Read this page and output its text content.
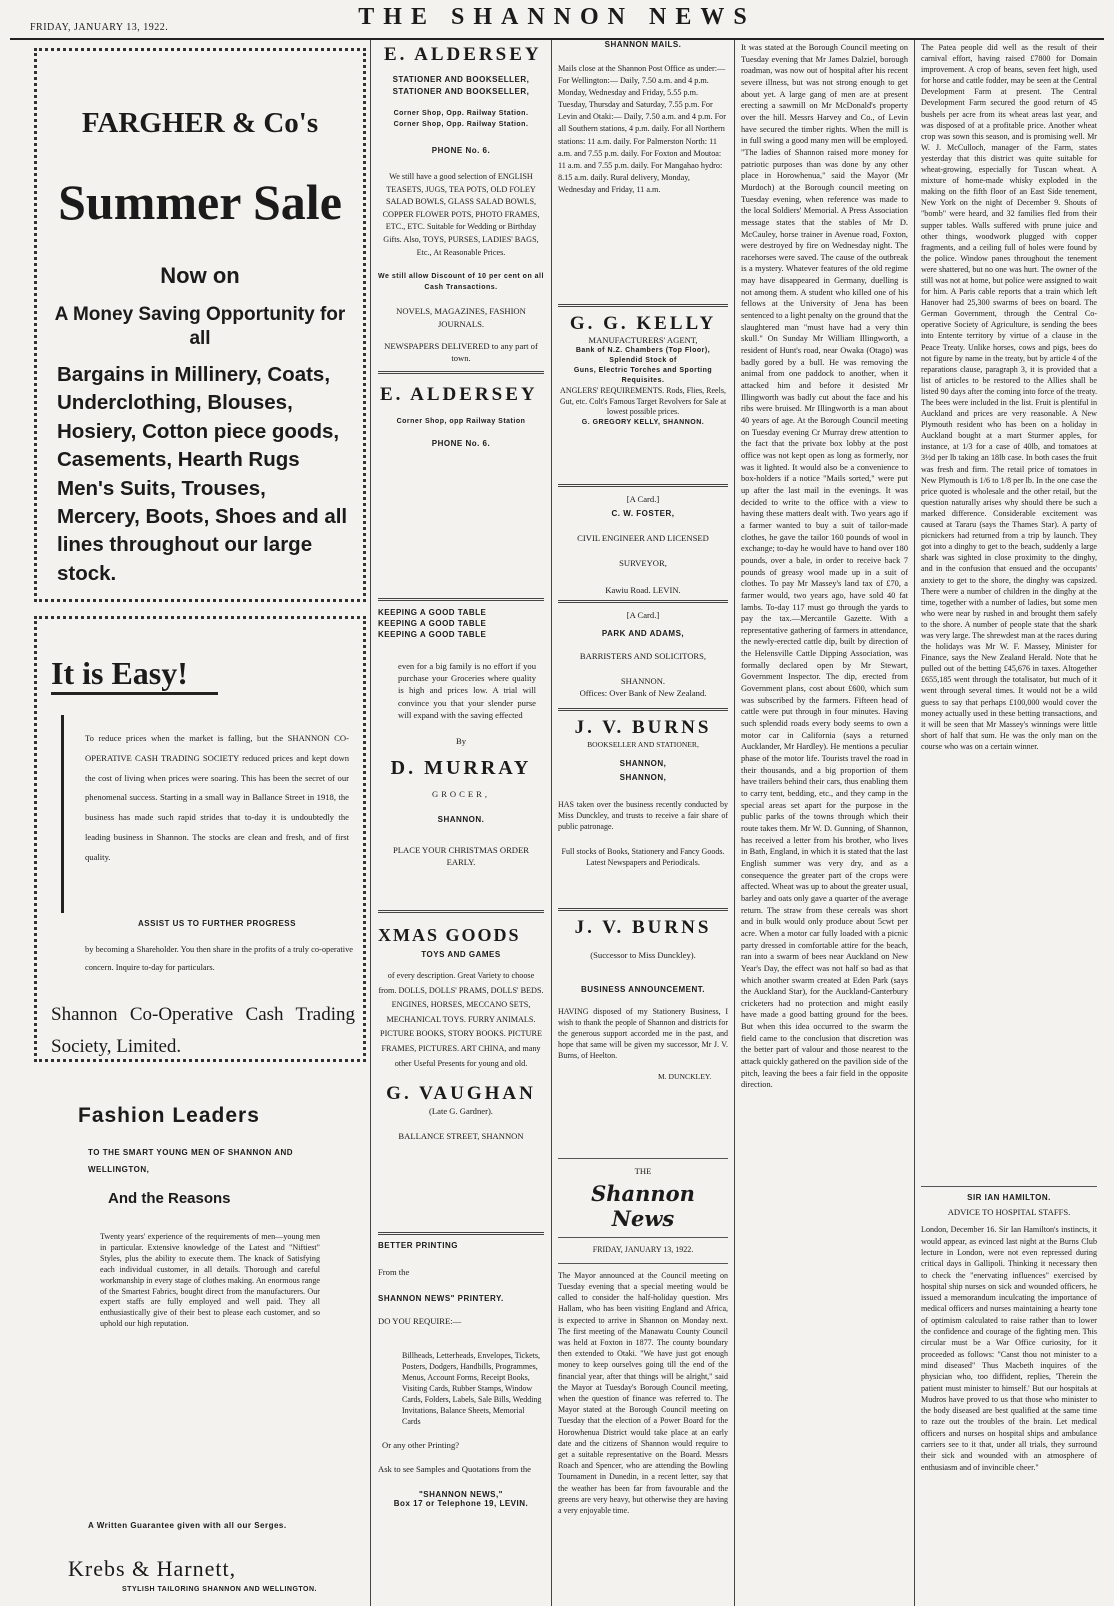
FRIDAY, JANUARY 13, 1922.	THE SHANNON NEWS
FARGHER & Co's
Summer Sale
Now on
A Money Saving Opportunity for all
Bargains in Millinery, Coats, Underclothing, Blouses, Hosiery, Cotton piece goods, Casements, Hearth Rugs Men's Suits, Trouses, Mercery, Boots, Shoes and all lines throughout our large stock.
It is Easy!
To reduce prices when the market is falling, but the SHANNON CO-OPERATIVE CASH TRADING SOCIETY reduced prices and kept down the cost of living when prices were soaring. This has been the secret of our phenomenal success. Starting in a small way in Ballance Street in 1918, the business has made such rapid strides that to-day it is undoubtedly the leading business in Shannon. The stocks are clean and fresh, and of first quality.
ASSIST US TO FURTHER PROGRESS
by becoming a Shareholder. You then share in the profits of a truly co-operative concern. Inquire to-day for particulars.
Shannon Co-Operative Cash Trading Society, Limited.
Fashion Leaders
TO THE SMART YOUNG MEN OF SHANNON AND WELLINGTON,
And the Reasons
Twenty years' experience of the requirements of men—young men in particular. Extensive knowledge of the Latest and "Niftiest" Styles, plus the ability to execute them. The knack of Satisfying each individual customer, in all details. Thorough and careful workmanship in every stage of clothes making. An enormous range of the Smartest Fabrics, bought direct from the manufacturers. Our expert staffs are fully employed and well paid. They all enthusiastically give of their best to please each customer, and so uphold our high reputation.
A Written Guarantee given with all our Serges.
Krebs & Harnett,
STYLISH TAILORING SHANNON AND WELLINGTON.
E. ALDERSEY
STATIONER AND BOOKSELLER,
STATIONER AND BOOKSELLER,
Corner Shop, Opp. Railway Station.
Corner Shop, Opp. Railway Station.
PHONE No. 6.
We still have a good selection of ENGLISH TEASETS, JUGS, TEA POTS, OLD FOLEY SALAD BOWLS, GLASS SALAD BOWLS, COPPER FLOWER POTS, PHOTO FRAMES, ETC., ETC. Suitable for Wedding or Birthday Gifts. Also, TOYS, PURSES, LADIES' BAGS, Etc., At Reasonable Prices.
We still allow Discount of 10 per cent on all Cash Transactions.
NOVELS, MAGAZINES, FASHION JOURNALS.
NEWSPAPERS DELIVERED to any part of town.
E. ALDERSEY
Corner Shop, opp Railway Station
PHONE No. 6.
KEEPING A GOOD TABLE
KEEPING A GOOD TABLE
KEEPING A GOOD TABLE
even for a big family is no effort if you purchase your Groceries where quality is high and prices low. A trial will convince you that your slender purse will expand with the saving effected
By
D. MURRAY
GROCER,
SHANNON.
PLACE YOUR CHRISTMAS ORDER EARLY.
XMAS GOODS
TOYS AND GAMES
of every description. Great Variety to choose from. DOLLS, DOLLS' PRAMS, DOLLS' BEDS. ENGINES, HORSES, MECCANO SETS, MECHANICAL TOYS. FURRY ANIMALS. PICTURE BOOKS, STORY BOOKS. PICTURE FRAMES, PICTURES. ART CHINA, and many other Useful Presents for young and old.
G. VAUGHAN
(Late G. Gardner).
BALLANCE STREET, SHANNON
BETTER PRINTING
From the
SHANNON NEWS" PRINTERY.
DO YOU REQUIRE:—
Billheads, Letterheads, Envelopes, Tickets, Posters, Dodgers, Handbills, Programmes, Menus, Account Forms, Receipt Books, Visiting Cards, Rubber Stamps, Window Cards, Folders, Labels, Sale Bills, Wedding Invitations, Balance Sheets, Memorial Cards
Or any other Printing?
Ask to see Samples and Quotations from the
"SHANNON NEWS,"
Box 17 or Telephone 19, LEVIN.
SHANNON MAILS.
Mails close at the Shannon Post Office as under:— For Wellington:— Daily, 7.50 a.m. and 4 p.m. Monday, Wednesday and Friday, 5.55 p.m. Tuesday, Thursday and Saturday, 7.55 p.m. For Levin and Otaki:— Daily, 7.50 a.m. and 4 p.m. For all Southern stations, 4 p.m. daily. For all Northern stations: 11 a.m. daily. For Palmerston North: 11 a.m. and 7.55 p.m. daily. For Foxton and Moutoa: 11 a.m. and 7.55 p.m. daily. For Mangahao hydro: 8.15 a.m. daily. Rural delivery, Monday, Wednesday and Friday, 11 a.m.
G. G. KELLY
MANUFACTURERS' AGENT,
Bank of N.Z. Chambers (Top Floor), Splendid Stock of
Guns, Electric Torches and Sporting Requisites.
ANGLERS' REQUIREMENTS. Rods, Flies, Reels, Gut, etc. Colt's Famous Target Revolvers for Sale at lowest possible prices.
G. GREGORY KELLY, SHANNON.
[A Card.]
C. W. FOSTER,
CIVIL ENGINEER AND LICENSED SURVEYOR,
Kawiu Road. LEVIN.
[A Card.]
PARK AND ADAMS,
BARRISTERS AND SOLICITORS,
SHANNON.
Offices: Over Bank of New Zealand.
J. V. BURNS
BOOKSELLER AND STATIONER,
SHANNON, SHANNON,
HAS taken over the business recently conducted by Miss Dunckley, and trusts to receive a fair share of public patronage.
Full stocks of Books, Stationery and Fancy Goods. Latest Newspapers and Periodicals.
J. V. BURNS
(Successor to Miss Dunckley).
BUSINESS ANNOUNCEMENT.
HAVING disposed of my Stationery Business, I wish to thank the people of Shannon and districts for the generous support accorded me in the past, and hope that same will be given my successor, Mr J. V. Burns, of Heelton.
M. DUNCKLEY.
THE
Shannon News
FRIDAY, JANUARY 13, 1922.
The Mayor announced at the Council meeting on Tuesday evening that a special meeting would be called to consider the half-holiday question. Mrs Hallam, who has been visiting England and Africa, is expected to arrive in Shannon on Monday next. The first meeting of the Manawatu County Council was held at Foxton in 1877. The county boundary then extended to Otaki. "We have just got enough money to keep ourselves going till the end of the financial year, after that things will be alright," said the Mayor at Tuesday's Borough Council meeting, when the question of finance was referred to. The Mayor stated at the Borough Council meeting on Tuesday that the election of a Power Board for the Horowhenua District would take place at an early date and the citizens of Shannon would require to get a suitable representative on the Board. Messrs Roach and Spencer, who are attending the Bowling Tournament in Dunedin, in a recent letter, say that the weather has been far from favourable and the greens are very heavy, but otherwise they are having a very enjoyable time.
It was stated at the Borough Council meeting on Tuesday evening that Mr James Dalziel, borough roadman, was now out of hospital after his recent severe illness, but was not strong enough to get about yet. A large gang of men are at present erecting a sawmill on Mr McDonald's property over the hill. Messrs Harvey and Co., of Levin have secured the timber rights. When the mill is in full swing a good many men will be employed. "The ladies of Shannon raised more money for patriotic purposes than was done by any other place in Horowhenua," said the Mayor (Mr Murdoch) at the Borough council meeting on Tuesday evening, when reference was made to the local Soldiers' Memorial. A Press Association message states that the stables of Mr D. McCauley, horse trainer in Avenue road, Foxton, were destroyed by fire on Wednesday night. The racehorses were saved. The cause of the outbreak is a mystery. Whatever features of the old regime may have disappeared in Germany, duelling is not among them. A student who killed one of his fellows at the University of Jena has been sentenced to a light penalty on the ground that the slaughtered man "must have had a very thin skull." On Sunday Mr William Illingworth, a resident of Hunt's road, near Owaka (Otago) was badly gored by a bull. He was removing the animal from one paddock to another, when it attacked him and before it desisted Mr Illingworth was badly cut about the face and his ribs were bruised. Mr Illingworth is a man about 40 years of age. At the Borough Council meeting on Tuesday evening Cr Murray drew attention to the fact that the private box lobby at the post office was not kept open as long as formerly, nor was it lighted. It would also be a convenience to box-holders if a notice "Mails sorted," were put up after the last mail in the evenings. It was decided to write to the office with a view to having these matters dealt with. Two years ago if a farmer wanted to buy a suit of tailor-made clothes, he gave the tailor 160 pounds of wool in exchange; to-day he would have to hand over 180 pounds, over a bale, in order to receive back 7 pounds of greasy wool made up in a suit of clothes. To pay Mr Massey's land tax of £70, a farmer would, two years ago, have sold 40 fat lambs. To-day 117 must go through the yards to pay the tax.—Mercantile Gazette. With a representative gathering of farmers in attendance, the newly-erected cattle dip, built by direction of the Helensville Cattle Dipping Association, was formally declared open by Mr Stewart, Government Inspector. The dip, erected from Government plans, cost about £600, which sum was subscribed by the farmers. Fifteen head of cattle were put through in four minutes. Having such splendid roads every body seems to own a motor car in California (says a returned Aucklander, Mr Hardley). He mentions a peculiar phase of the motor life. Tourists travel the road in their thousands, and a big proportion of them have trailers behind their cars, thus enabling them to carry tent, bedding, etc., and they camp in the special areas set apart for the purpose in the public parks of the towns through which their route takes them. Mr W. D. Gunning, of Shannon, has received a letter from his brother, who lives in Bath, England, in which it is stated that the last English summer was very dry, and as a consequence the greater part of the crops were affected. Wheat was up to about the greater usual, barley and oats only gave a quarter of the average return. The straw from these cereals was short and in bulk would only produce about 5cwt per acre. When a motor car fully loaded with a picnic party dressed in comfortable attire for the beach, ran into a swarm of bees near Auckland on New Year's Day, the effect was not half so bad as that which another swarm created at Eden Park (says the Auckland Star), for the Auckland-Canterbury cricketers had no protection and might easily have made a good batting ground for the bees. But when this idea occurred to the swarm the field came to the conclusion that discretion was the better part of valour and those nearest to the attack quickly gathered on the pavilion side of the pitch, leaving the bees a fair field in the opposite direction.
The Patea people did well as the result of their carnival effort, having raised £7800 for Domain improvement. A crop of beans, seven feet high, used for horse and cattle fodder, may be seen at the Central Development Farm at present. The Central Development Farm secured the good return of 45 bushels per acre from its wheat areas last year, and was disposed of at a profitable price. Another wheat crop was sown this season, and is promising well. Mr W. J. McCulloch, manager of the Farm, states yesterday that this district was quite suitable for wheat-growing, especially for Tuscan wheat. A mixture of home-made whisky exploded in the making on the fifth floor of an East Side tenement, New York on the night of December 9. Shouts of "bomb" were heard, and 32 families fled from their supper tables. Walls suffered with prune juice and other things, woodwork plugged with copper fragments, and a ceiling full of holes were found by the police. Window panes throughout the tenement were shattered, but no one was hurt. The owner of the still was not at home, but police were assigned to wait for him. A Paris cable reports that a train which left Hanover had 25,300 swarms of bees on board. The German Government, through the Central Co-operative Society of Agriculture, is sending the bees into Entente territory by virtue of a clause in the Peace Treaty. Unlike horses, cows and pigs, bees do not figure by name in the treaty, but by article 4 of the reparations clause, paragraph 3, it is provided that a list of articles to be restored to the Allies shall be listed 90 days after the coming into force of the treaty. The bees were included in the list. Fruit is plentiful in Auckland and prices are very reasonable. A New Plymouth resident who has been on a holiday in Auckland bought at a mart Sturmer apples, for instance, at 1/3 for a case of 40lb, and tomatoes at 3½d per lb taking an 18lb case. In both cases the fruit was fresh and firm. The retail price of tomatoes in New Plymouth is 1/6 to 1/8 per lb. In the one case the price quoted is wholesale and the other retail, but the question naturally arises why should there be such a marked difference. Considerable excitement was caused at Tararu (says the Thames Star). A party of picnickers had returned from a trip by launch. They got into a dinghy to get to the beach, suddenly a large shark was sighted in close proximity to the dinghy, and in the confusion that ensued and the occupants' anxiety to get to the shore, the dinghy was capsized. There were a number of children in the dinghy at the time, together with a number of ladies, but some men who were near by rushed in and brought them safely to the shore. A number of people state that the shark was very large. The shrewdest man at the races during the holidays was Mr W. F. Massey, Minister for Finance, says the New Zealand Herald. Note that he pulled out of the betting £45,676 in taxes. Altogether £655,185 went through the totalisator, but much of it went through several times. It would not be a wild guess to say that perhaps £100,000 would cover the money actually used in these betting transactions, and it will be seen that Mr Massey's winnings were little short of half that sum. He was the only man on the course who was on a certain winner.
SIR IAN HAMILTON.
ADVICE TO HOSPITAL STAFFS.
London, December 16. Sir Ian Hamilton's instincts, it would appear, as evinced last night at the Burns Club lecture in London, were not even repressed during critical days in Gallipoli. Thinking it necessary then to check the "enervating influences" exercised by hospital ship nurses on sick and wounded officers, he issued a memorandum inculcating the importance of medical officers and nurses maintaining a hearty tone of optimism calculated to raise rather than to lower the confidence and courage of the fighting men. This circular must be a War Office curiosity, for it proceeded as follows: "Canst thou not minister to a mind diseased" Thus Macbeth inquires of the physician who, too diffident, replies, 'Therein the patient must minister to himself.' But our hospitals at Mudros have proved to us that those who minister to the body diseased are best qualified at the same time to raze out the troubles of the brain. Let medical officers and nurses on hospital ships and ambulance carriers see to it that, under all trials, they surround their sick and wounded with an atmosphere of enthusiasm and of invincible cheer."
